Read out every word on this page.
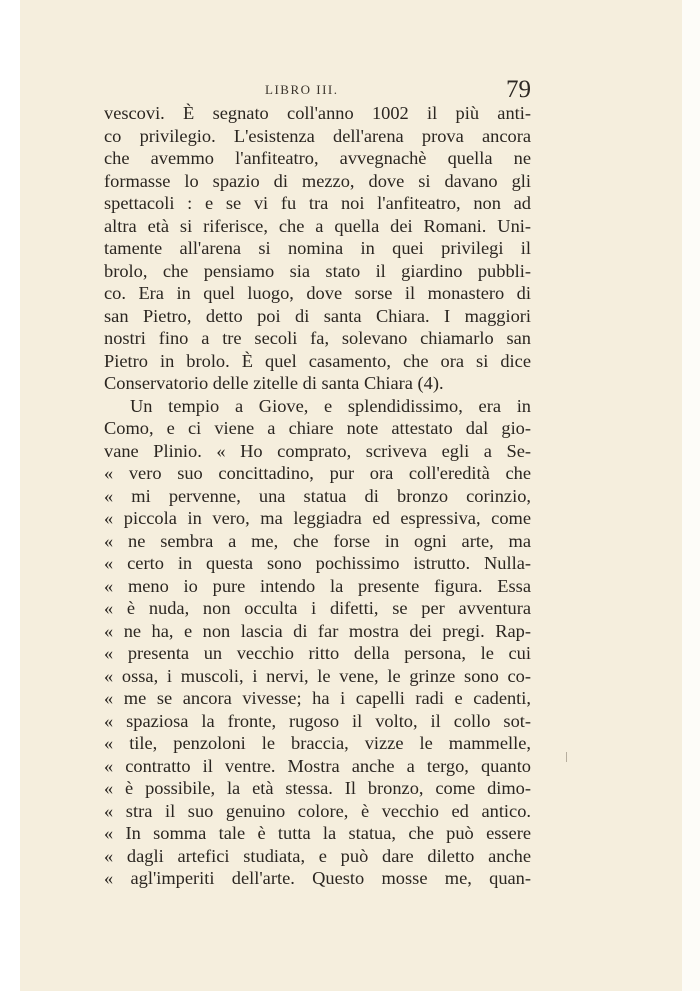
LIBRO III.	79
vescovi. È segnato coll'anno 1002 il più anti-
co privilegio. L'esistenza dell'arena prova ancora
che avemmo l'anfiteatro, avvegnachè quella ne
formasse lo spazio di mezzo, dove si davano gli
spettacoli : e se vi fu tra noi l'anfiteatro, non ad
altra età si riferisce, che a quella dei Romani. Uni-
tamente all'arena si nomina in quei privilegi il
brolo, che pensiamo sia stato il giardino pubbli-
co. Era in quel luogo, dove sorse il monastero di
san Pietro, detto poi di santa Chiara. I maggiori
nostri fino a tre secoli fa, solevano chiamarlo san
Pietro in brolo. È quel casamento, che ora si dice
Conservatorio delle zitelle di santa Chiara (4).
Un tempio a Giove, e splendidissimo, era in
Como, e ci viene a chiare note attestato dal gio-
vane Plinio. « Ho comprato, scriveva egli a Se-
« vero suo concittadino, pur ora coll'eredità che
« mi pervenne, una statua di bronzo corinzio,
« piccola in vero, ma leggiadra ed espressiva, come
« ne sembra a me, che forse in ogni arte, ma
« certo in questa sono pochissimo istrutto. Nulla-
« meno io pure intendo la presente figura. Essa
« è nuda, non occulta i difetti, se per avventura
« ne ha, e non lascia di far mostra dei pregi. Rap-
« presenta un vecchio ritto della persona, le cui
« ossa, i muscoli, i nervi, le vene, le grinze sono co-
« me se ancora vivesse; ha i capelli radi e cadenti,
« spaziosa la fronte, rugoso il volto, il collo sot-
« tile, penzoloni le braccia, vizze le mammelle,
« contratto il ventre. Mostra anche a tergo, quanto
« è possibile, la età stessa. Il bronzo, come dimo-
« stra il suo genuino colore, è vecchio ed antico.
« In somma tale è tutta la statua, che può essere
« dagli artefici studiata, e può dare diletto anche
« agl'imperiti dell'arte. Questo mosse me, quan-
